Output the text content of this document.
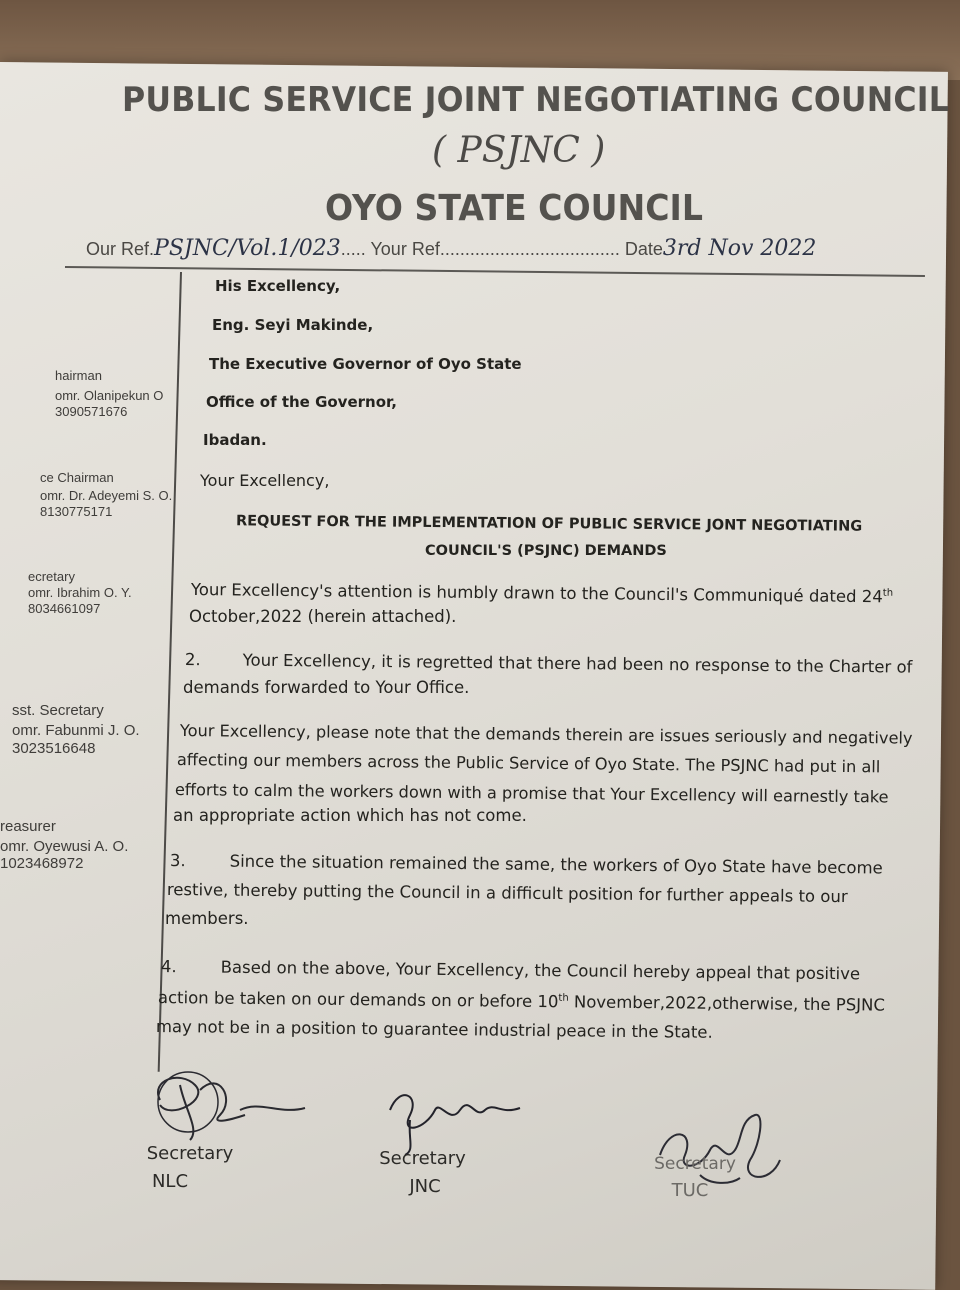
PUBLIC SERVICE JOINT NEGOTIATING COUNCIL
( PSJNC )
OYO STATE COUNCIL
Our Ref.PSJNC/Vol.1/023..... Your Ref.................................... Date3rd Nov 2022
hairman
omr. Olanipekun O
3090571676
ce Chairman
omr. Dr. Adeyemi S. O.
8130775171
ecretary
omr. Ibrahim O. Y.
8034661097
sst. Secretary
omr. Fabunmi J. O.
3023516648
reasurer
omr. Oyewusi A. O.
1023468972
His Excellency,
Eng. Seyi Makinde,
The Executive Governor of Oyo State
Office of the Governor,
Ibadan.
Your Excellency,
REQUEST FOR THE IMPLEMENTATION OF PUBLIC SERVICE JONT NEGOTIATING
COUNCIL'S (PSJNC) DEMANDS
Your Excellency's attention is humbly drawn to the Council's Communiqué dated 24th
October,2022 (herein attached).
2.	Your Excellency, it is regretted that there had been no response to the Charter of
demands forwarded to Your Office.
Your Excellency, please note that the demands therein are issues seriously and negatively
affecting our members across the Public Service of Oyo State. The PSJNC had put in all
efforts to calm the workers down with a promise that Your Excellency will earnestly take
an appropriate action which has not come.
3.	Since the situation remained the same, the workers of Oyo State have become
restive, thereby putting the Council in a difficult position for further appeals to our
members.
4.	Based on the above, Your Excellency, the Council hereby appeal that positive
action be taken on our demands on or before 10th November,2022,otherwise, the PSJNC
may not be in a position to guarantee industrial peace in the State.
Secretary
NLC
Secretary
JNC
Secretary
TUC
